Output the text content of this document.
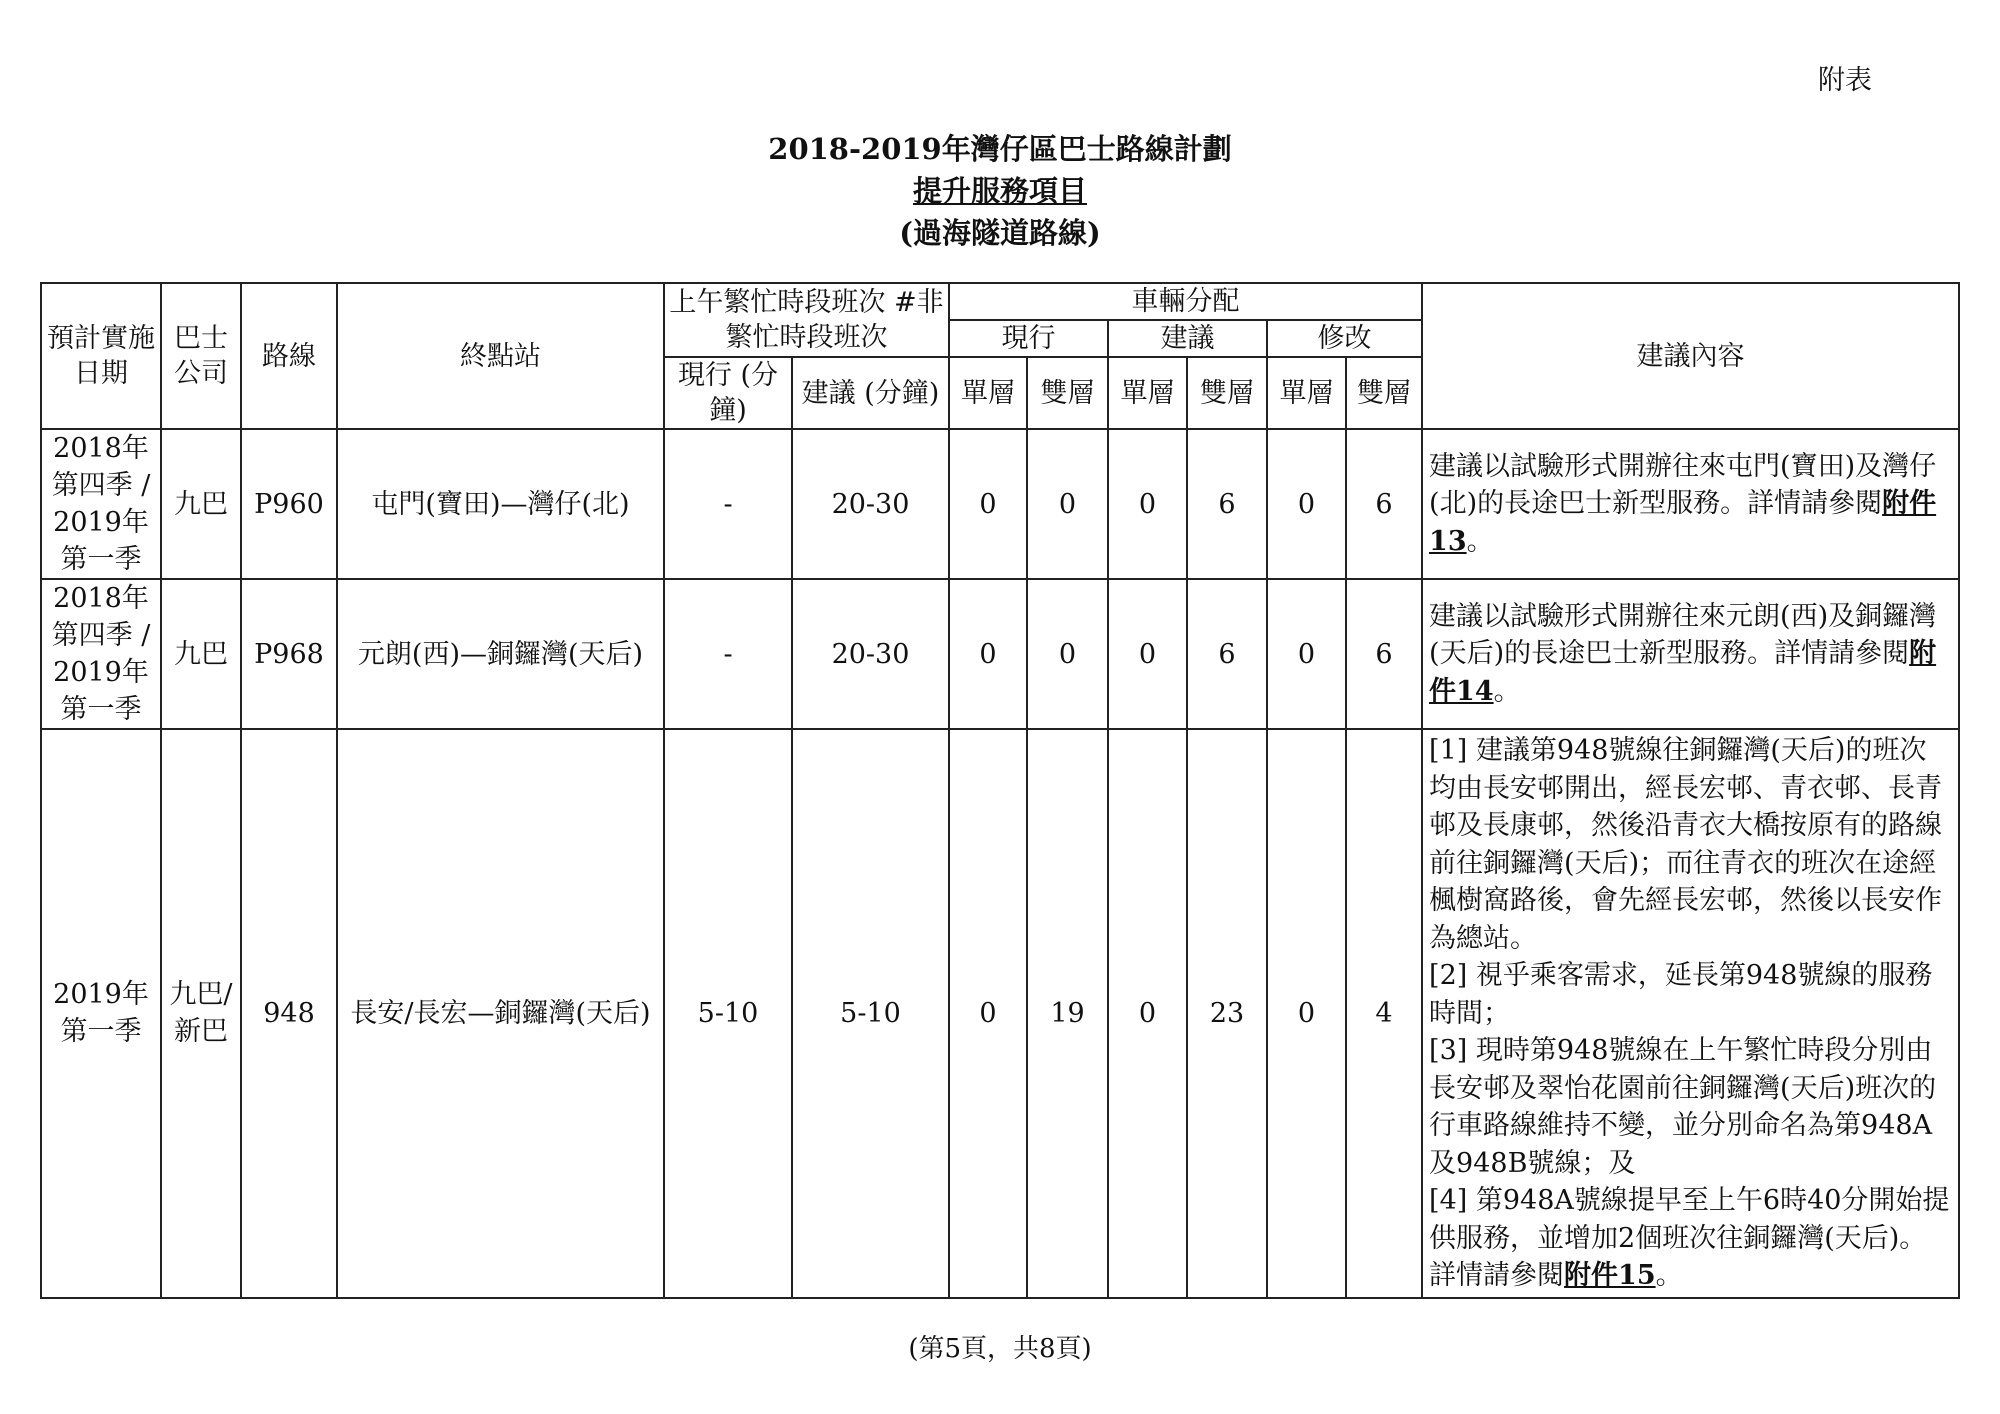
附表
2018-2019年灣仔區巴士路線計劃
提升服務項目
(過海隧道路線)
預計實施日期	巴士公司	路線	終點站	上午繁忙時段班次 #非繁忙時段班次		車輛分配						建議內容
						現行		建議		修改		
				現行 (分鐘)	建議 (分鐘)	單層	雙層	單層	雙層	單層	雙層	
2018年第四季 / 2019年第一季	九巴	P960	屯門(寶田)—灣仔(北)	-	20-30	0	0	0	6	0	6	建議以試驗形式開辦往來屯門(寶田)及灣仔(北)的長途巴士新型服務。詳情請參閱附件13。
2018年第四季 / 2019年第一季	九巴	P968	元朗(西)—銅鑼灣(天后)	-	20-30	0	0	0	6	0	6	建議以試驗形式開辦往來元朗(西)及銅鑼灣(天后)的長途巴士新型服務。詳情請參閱附件14。
2019年第一季	九巴/新巴	948	長安/長宏—銅鑼灣(天后)	5-10	5-10	0	19	0	23	0	4	[1] 建議第948號線往銅鑼灣(天后)的班次均由長安邨開出，經長宏邨、青衣邨、長青邨及長康邨，然後沿青衣大橋按原有的路線前往銅鑼灣(天后)；而往青衣的班次在途經楓樹窩路後，會先經長宏邨，然後以長安作為總站。

[2] 視乎乘客需求，延長第948號線的服務時間；

[3] 現時第948號線在上午繁忙時段分別由長安邨及翠怡花園前往銅鑼灣(天后)班次的行車路線維持不變，並分別命名為第948A及948B號線；及

[4] 第948A號線提早至上午6時40分開始提供服務，並增加2個班次往銅鑼灣(天后)。詳情請參閱附件15。

(第5頁，共8頁)
